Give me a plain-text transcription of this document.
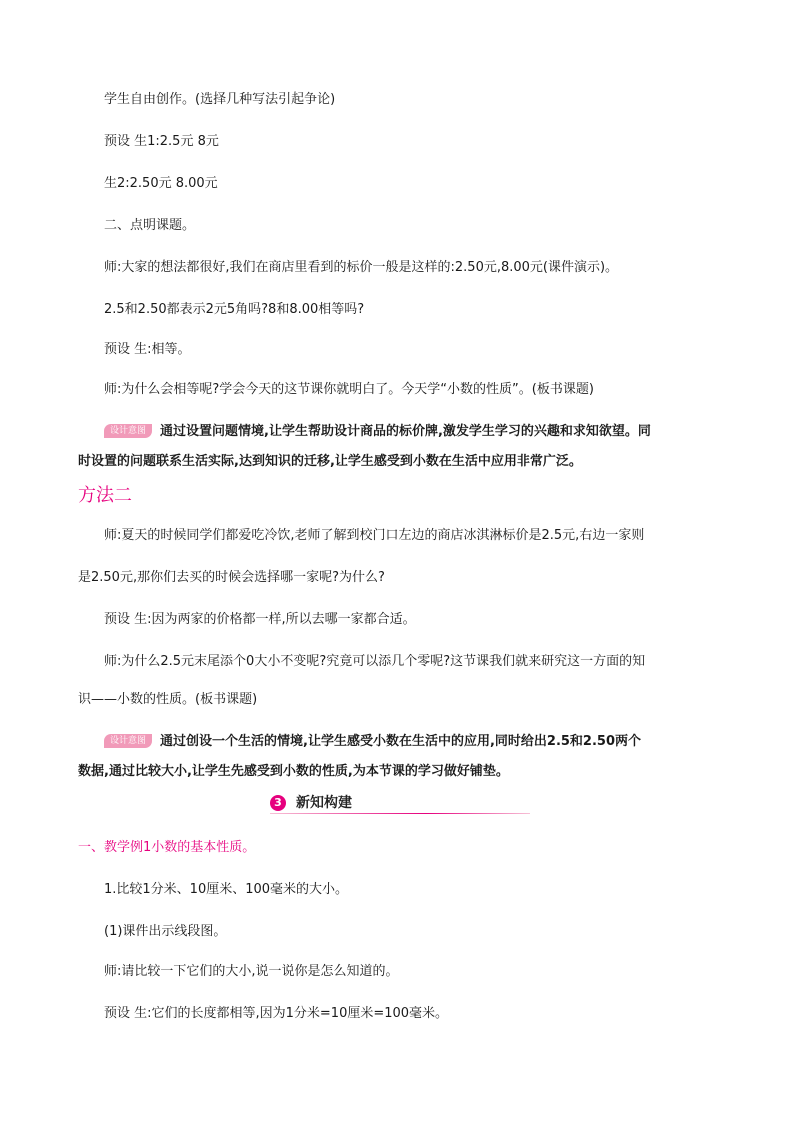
学生自由创作。(选择几种写法引起争论)
预设 生1:2.5元 8元
生2:2.50元 8.00元
二、点明课题。
师:大家的想法都很好,我们在商店里看到的标价一般是这样的:2.50元,8.00元(课件演示)。
2.5和2.50都表示2元5角吗?8和8.00相等吗?
预设 生:相等。
师:为什么会相等呢?学会今天的这节课你就明白了。今天学“小数的性质”。(板书课题)
设计意图 通过设置问题情境,让学生帮助设计商品的标价牌,激发学生学习的兴趣和求知欲望。同
时设置的问题联系生活实际,达到知识的迁移,让学生感受到小数在生活中应用非常广泛。
方法二
师:夏天的时候同学们都爱吃冷饮,老师了解到校门口左边的商店冰淇淋标价是2.5元,右边一家则
是2.50元,那你们去买的时候会选择哪一家呢?为什么?
预设 生:因为两家的价格都一样,所以去哪一家都合适。
师:为什么2.5元末尾添个0大小不变呢?究竟可以添几个零呢?这节课我们就来研究这一方面的知
识——小数的性质。(板书课题)
设计意图 通过创设一个生活的情境,让学生感受小数在生活中的应用,同时给出2.5和2.50两个
数据,通过比较大小,让学生先感受到小数的性质,为本节课的学习做好铺垫。
3 新知构建
一、教学例1小数的基本性质。
1.比较1分米、10厘米、100毫米的大小。
(1)课件出示线段图。
师:请比较一下它们的大小,说一说你是怎么知道的。
预设 生:它们的长度都相等,因为1分米=10厘米=100毫米。
